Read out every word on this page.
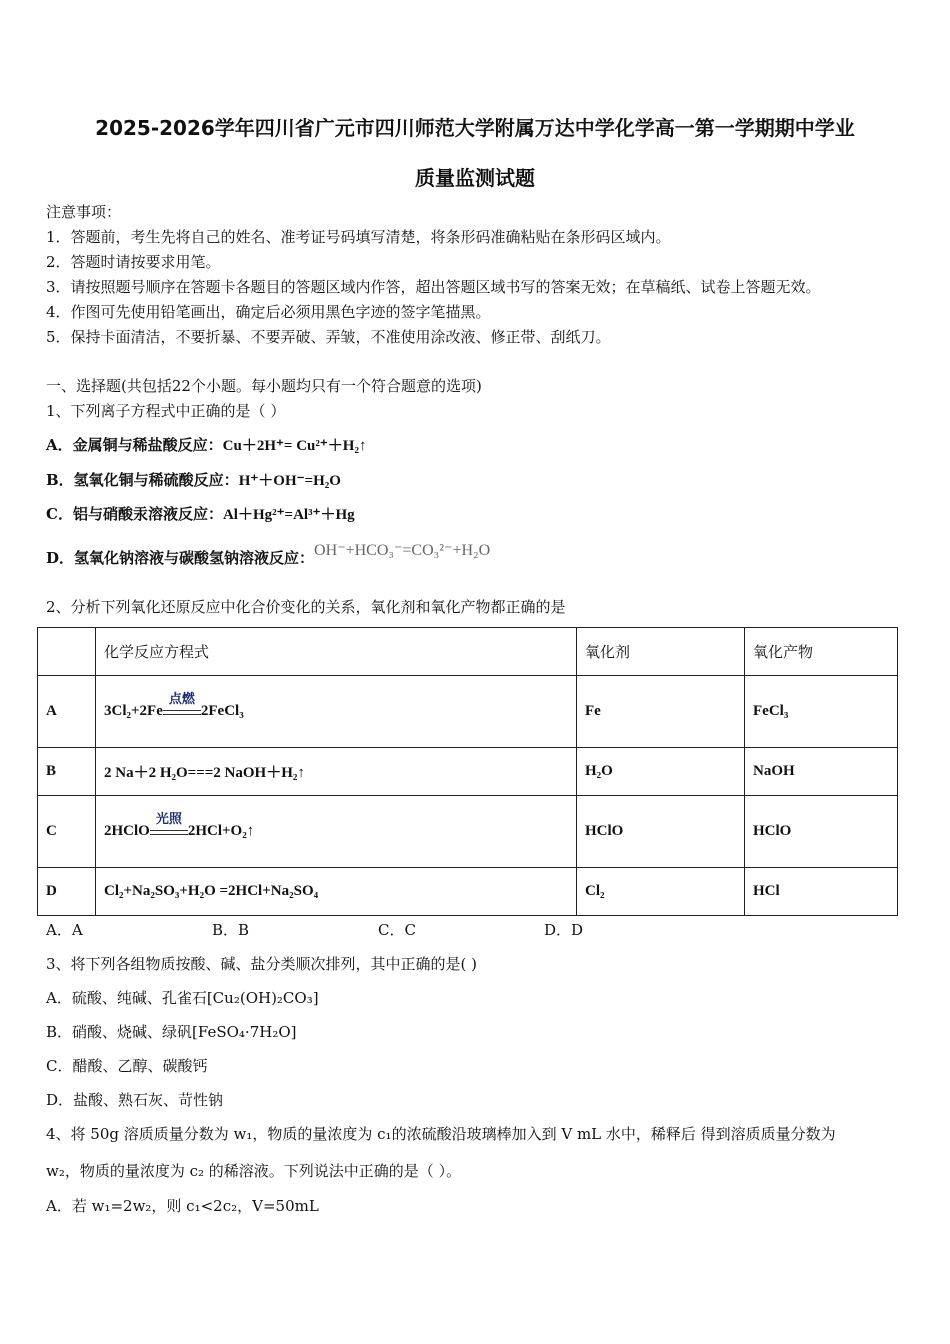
2025-2026学年四川省广元市四川师范大学附属万达中学化学高一第一学期期中学业
质量监测试题
注意事项：
1．答题前，考生先将自己的姓名、准考证号码填写清楚，将条形码准确粘贴在条形码区域内。
2．答题时请按要求用笔。
3．请按照题号顺序在答题卡各题目的答题区域内作答，超出答题区域书写的答案无效；在草稿纸、试卷上答题无效。
4．作图可先使用铅笔画出，确定后必须用黑色字迹的签字笔描黑。
5．保持卡面清洁，不要折暴、不要弄破、弄皱，不准使用涂改液、修正带、刮纸刀。
一、选择题(共包括22个小题。每小题均只有一个符合题意的选项)
1、下列离子方程式中正确的是（ ）
A．金属铜与稀盐酸反应：Cu＋2H⁺= Cu²⁺＋H₂↑
B．氢氧化铜与稀硫酸反应：H⁺＋OH⁻=H₂O
C．铝与硝酸汞溶液反应：Al＋Hg²⁺=Al³⁺＋Hg
D．氢氧化钠溶液与碳酸氢钠溶液反应：OH⁻+HCO₃⁻=CO₃²⁻+H₂O
2、分析下列氧化还原反应中化合价变化的关系，氧化剂和氧化产物都正确的是
	化学反应方程式	氧化剂	氧化产物
A	3Cl₂+2Fe
点燃
2FeCl₃	Fe	FeCl₃
B	2 Na＋2 H₂O===2 NaOH＋H₂↑	H₂O	NaOH
C	2HClO
光照
2HCl+O₂↑	HClO	HClO
D	Cl₂+Na₂SO₃+H₂O =2HCl+Na₂SO₄	Cl₂	HCl
A．A	B．B	C．C	D．D
3、将下列各组物质按酸、碱、盐分类顺次排列，其中正确的是( )
A．硫酸、纯碱、孔雀石[Cu₂(OH)₂CO₃]
B．硝酸、烧碱、绿矾[FeSO₄·7H₂O]
C．醋酸、乙醇、碳酸钙
D．盐酸、熟石灰、苛性钠
4、将 50g 溶质质量分数为 w₁，物质的量浓度为 c₁的浓硫酸沿玻璃棒加入到 V mL 水中，稀释后 得到溶质质量分数为
w₂，物质的量浓度为 c₂ 的稀溶液。下列说法中正确的是（ ）。
A．若 w₁=2w₂，则 c₁<2c₂，V=50mL
